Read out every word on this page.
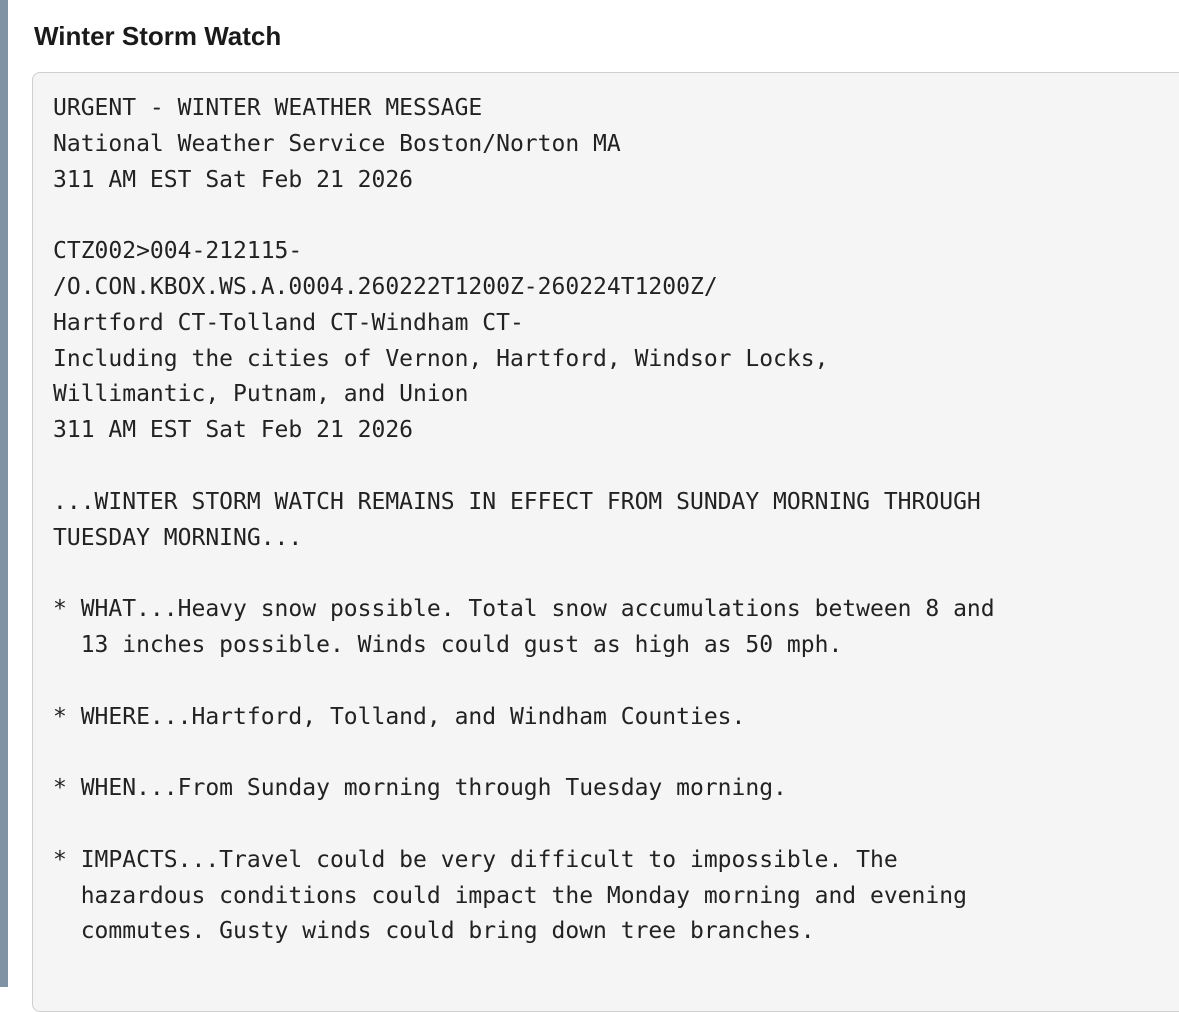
Winter Storm Watch
URGENT - WINTER WEATHER MESSAGE
National Weather Service Boston/Norton MA
311 AM EST Sat Feb 21 2026
CTZ002>004-212115-
/O.CON.KBOX.WS.A.0004.260222T1200Z-260224T1200Z/
Hartford CT-Tolland CT-Windham CT-
Including the cities of Vernon, Hartford, Windsor Locks,
Willimantic, Putnam, and Union
311 AM EST Sat Feb 21 2026
...WINTER STORM WATCH REMAINS IN EFFECT FROM SUNDAY MORNING THROUGH
TUESDAY MORNING...
* WHAT...Heavy snow possible. Total snow accumulations between 8 and
13 inches possible. Winds could gust as high as 50 mph.
* WHERE...Hartford, Tolland, and Windham Counties.
* WHEN...From Sunday morning through Tuesday morning.
* IMPACTS...Travel could be very difficult to impossible. The
hazardous conditions could impact the Monday morning and evening
commutes. Gusty winds could bring down tree branches.
